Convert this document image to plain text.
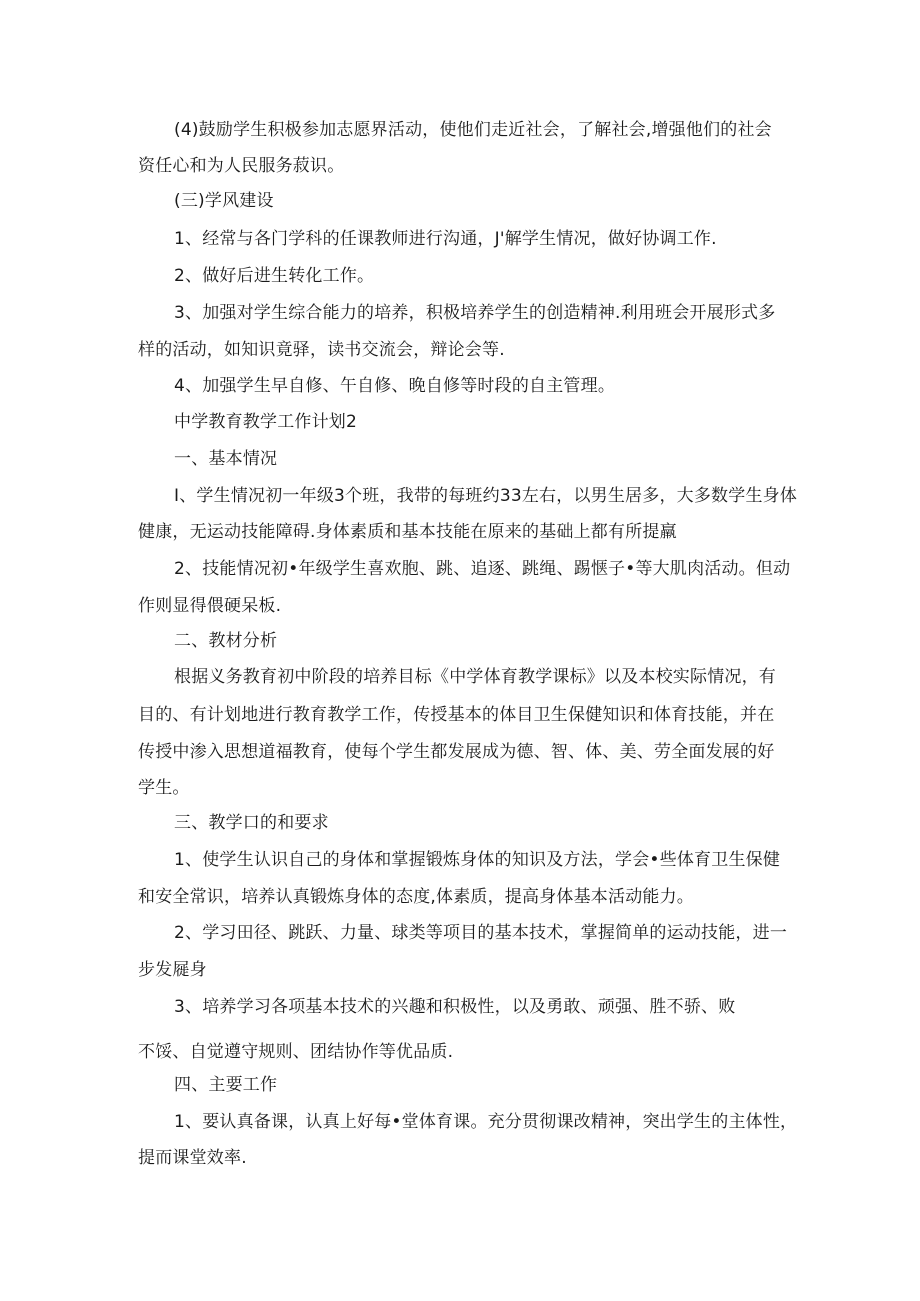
(4)鼓励学生积极参加志愿界活动，使他们走近社会，了解社会,增强他们的社会
资任心和为人民服务菽识。
(三)学风建设
1、经常与各门学科的任课教师进行沟通，J'解学生情况，做好协调工作.
2、做好后进生转化工作。
3、加强对学生综合能力的培养，积极培养学生的创造精神.利用班会开展形式多
样的活动，如知识竟驿，读书交流会，辩论会等.
4、加强学生早自修、午自修、晚自修等时段的自主管理。
中学教育教学工作计划2
一、基本情况
I、学生情况初一年级3个班，我带的每班约33左右，以男生居多，大多数学生身体
健康，无运动技能障碍.身体素质和基本技能在原来的基础上都有所提羸
2、技能情况初•年级学生喜欢胞、跳、追逐、跳绳、踢惬子•等大肌肉活动。但动
作则显得偎硬呆板.
二、教材分析
根据义务教育初中阶段的培养目标《中学体育教学课标》以及本校实际情况，有
目的、有计划地进行教育教学工作，传授基本的体目卫生保健知识和体育技能，并在
传授中渗入思想道福教育，使每个学生都发展成为德、智、体、美、劳全面发展的好
学生。
三、教学口的和要求
1、使学生认识自己的身体和掌握锻炼身体的知识及方法，学会•些体育卫生保健
和安全常识，培养认真锻炼身体的态度,体素质，提高身体基本活动能力。
2、学习田径、跳跃、力量、球类等项目的基本技术，掌握简单的运动技能，进一
步发屣身
3、培养学习各项基本技术的兴趣和积极性，以及勇敢、顽强、胜不骄、败
不馁、自觉遵守规则、团结协作等优品质.
四、主要工作
1、要认真备课，认真上好每•堂体育课。充分贯彻课改精神，突出学生的主体性，
提而课堂效率.
